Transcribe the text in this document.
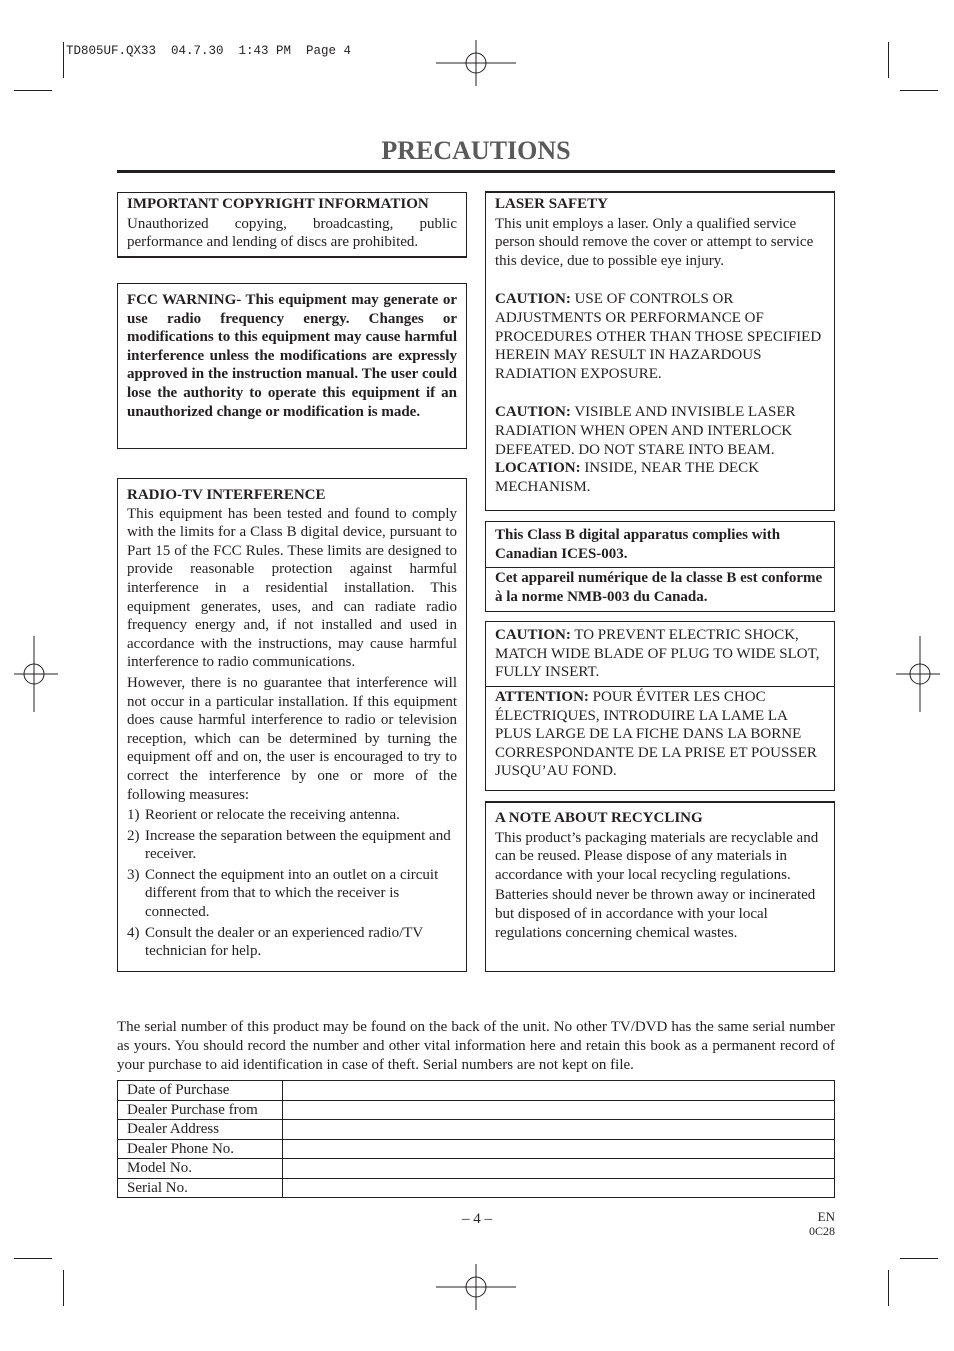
TD805UF.QX33  04.7.30  1:43 PM  Page 4
PRECAUTIONS

IMPORTANT COPYRIGHT INFORMATION

Unauthorized copying, broadcasting, public performance and lending of discs are prohibited.

FCC WARNING- This equipment may generate or use radio frequency energy. Changes or modifications to this equipment may cause harmful interference unless the modifications are expressly approved in the instruction manual. The user could lose the authority to operate this equipment if an unauthorized change or modification is made.

RADIO-TV INTERFERENCE

This equipment has been tested and found to comply with the limits for a Class B digital device, pursuant to Part 15 of the FCC Rules. These limits are designed to provide reasonable protection against harmful interference in a residential installation. This equipment generates, uses, and can radiate radio frequency energy and, if not installed and used in accordance with the instructions, may cause harmful interference to radio communications.

However, there is no guarantee that interference will not occur in a particular installation. If this equipment does cause harmful interference to radio or television reception, which can be determined by turning the equipment off and on, the user is encouraged to try to correct the interference by one or more of the following measures:

1) Reorient or relocate the receiving antenna.
2) Increase the separation between the equipment and receiver.
3) Connect the equipment into an outlet on a circuit different from that to which the receiver is connected.
4) Consult the dealer or an experienced radio/TV technician for help.

LASER SAFETY

This unit employs a laser. Only a qualified service person should remove the cover or attempt to service this device, due to possible eye injury.

CAUTION: USE OF CONTROLS OR ADJUSTMENTS OR PERFORMANCE OF PROCEDURES OTHER THAN THOSE SPECIFIED HEREIN MAY RESULT IN HAZARDOUS RADIATION EXPOSURE.

CAUTION: VISIBLE AND INVISIBLE LASER RADIATION WHEN OPEN AND INTERLOCK DEFEATED. DO NOT STARE INTO BEAM.

LOCATION: INSIDE, NEAR THE DECK MECHANISM.

This Class B digital apparatus complies with Canadian ICES-003.

Cet appareil numérique de la classe B est conforme à la norme NMB-003 du Canada.

CAUTION: TO PREVENT ELECTRIC SHOCK, MATCH WIDE BLADE OF PLUG TO WIDE SLOT, FULLY INSERT.

ATTENTION: POUR ÉVITER LES CHOC ÉLECTRIQUES, INTRODUIRE LA LAME LA PLUS LARGE DE LA FICHE DANS LA BORNE CORRESPONDANTE DE LA PRISE ET POUSSER JUSQU’AU FOND.

A NOTE ABOUT RECYCLING

This product’s packaging materials are recyclable and can be reused. Please dispose of any materials in accordance with your local recycling regulations.

Batteries should never be thrown away or incinerated but disposed of in accordance with your local regulations concerning chemical wastes.

The serial number of this product may be found on the back of the unit. No other TV/DVD has the same serial number as yours. You should record the number and other vital information here and retain this book as a permanent record of your purchase to aid identification in case of theft. Serial numbers are not kept on file.
Date of Purchase	
Dealer Purchase from	
Dealer Address	
Dealer Phone No.	
Model No.	
Serial No.	
– 4 –	EN
0C28
